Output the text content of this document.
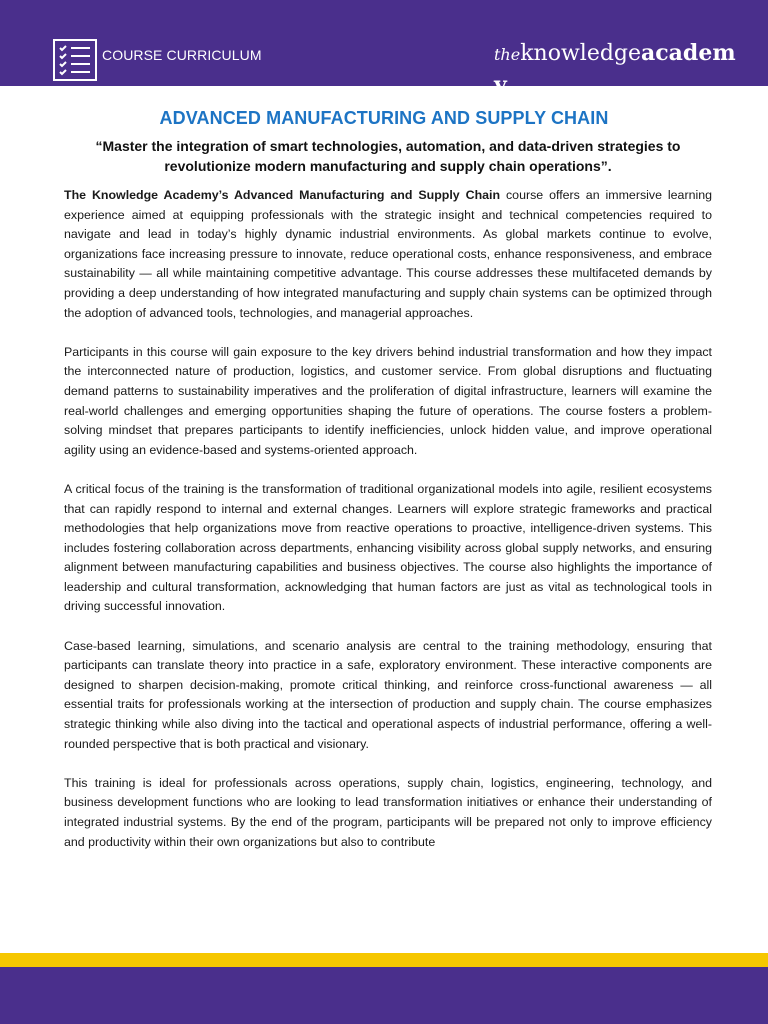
COURSE CURRICULUM	theknowledgeacademy
ADVANCED MANUFACTURING AND SUPPLY CHAIN

“Master the integration of smart technologies, automation, and data-driven strategies to revolutionize modern manufacturing and supply chain operations”.

The Knowledge Academy’s Advanced Manufacturing and Supply Chain course offers an immersive learning experience aimed at equipping professionals with the strategic insight and technical competencies required to navigate and lead in today’s highly dynamic industrial environments. As global markets continue to evolve, organizations face increasing pressure to innovate, reduce operational costs, enhance responsiveness, and embrace sustainability — all while maintaining competitive advantage. This course addresses these multifaceted demands by providing a deep understanding of how integrated manufacturing and supply chain systems can be optimized through the adoption of advanced tools, technologies, and managerial approaches.

Participants in this course will gain exposure to the key drivers behind industrial transformation and how they impact the interconnected nature of production, logistics, and customer service. From global disruptions and fluctuating demand patterns to sustainability imperatives and the proliferation of digital infrastructure, learners will examine the real-world challenges and emerging opportunities shaping the future of operations. The course fosters a problem-solving mindset that prepares participants to identify inefficiencies, unlock hidden value, and improve operational agility using an evidence-based and systems-oriented approach.

A critical focus of the training is the transformation of traditional organizational models into agile, resilient ecosystems that can rapidly respond to internal and external changes. Learners will explore strategic frameworks and practical methodologies that help organizations move from reactive operations to proactive, intelligence-driven systems. This includes fostering collaboration across departments, enhancing visibility across global supply networks, and ensuring alignment between manufacturing capabilities and business objectives. The course also highlights the importance of leadership and cultural transformation, acknowledging that human factors are just as vital as technological tools in driving successful innovation.

Case-based learning, simulations, and scenario analysis are central to the training methodology, ensuring that participants can translate theory into practice in a safe, exploratory environment. These interactive components are designed to sharpen decision-making, promote critical thinking, and reinforce cross-functional awareness — all essential traits for professionals working at the intersection of production and supply chain. The course emphasizes strategic thinking while also diving into the tactical and operational aspects of industrial performance, offering a well-rounded perspective that is both practical and visionary.

This training is ideal for professionals across operations, supply chain, logistics, engineering, technology, and business development functions who are looking to lead transformation initiatives or enhance their understanding of integrated industrial systems. By the end of the program, participants will be prepared not only to improve efficiency and productivity within their own organizations but also to contribute
